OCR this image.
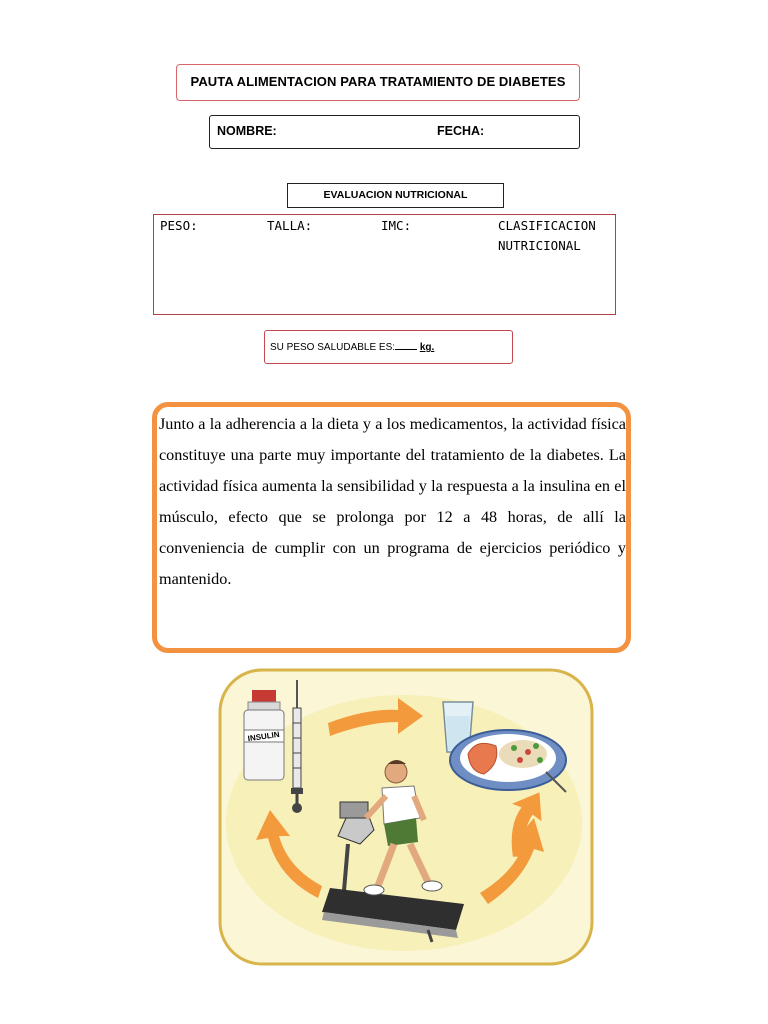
PAUTA ALIMENTACION PARA TRATAMIENTO DE DIABETES
NOMBRE:	FECHA:
EVALUACION NUTRICIONAL
PESO:	TALLA:	IMC:	CLASIFICACION
NUTRICIONAL
SU PESO SALUDABLE ES: kg.

Junto a la adherencia a la dieta y a los medicamentos, la actividad física constituye una parte muy importante del tratamiento de la diabetes. La actividad física aumenta la sensibilidad y la respuesta a la insulina en el músculo, efecto que se prolonga por 12 a 48 horas, de allí la conveniencia de cumplir con un programa de ejercicios periódico y mantenido.

INSULIN
